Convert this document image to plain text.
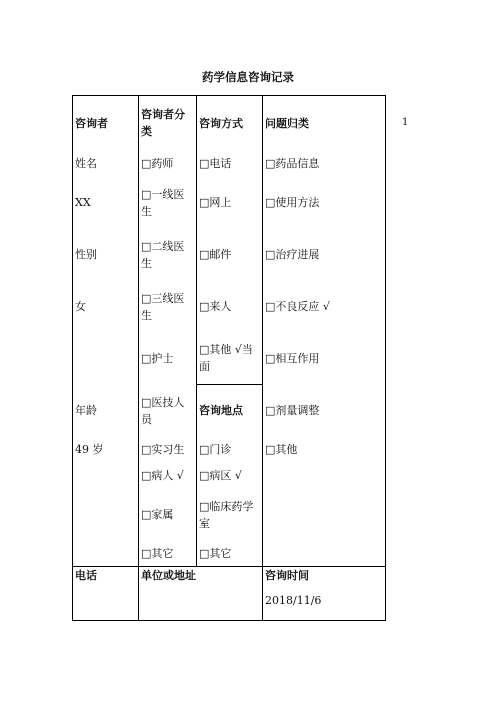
药学信息咨询记录
1
咨询者	咨询者分类	咨询方式	问题归类
姓名	□药师	□电话	□药品信息
XX	□一线医生	□网上	□使用方法
性别	□二线医生	□邮件	□治疗进展
女	□三线医生	□来人	□不良反应 √
	□护士	□其他 √当面	□相互作用
年龄	□医技人员	咨询地点	□剂量调整
49 岁	□实习生	□门诊	□其他
	□病人 √	□病区 √	
	□家属	□临床药学室	
	□其它	□其它	
电话	单位或地址		咨询时间
2018/11/6
